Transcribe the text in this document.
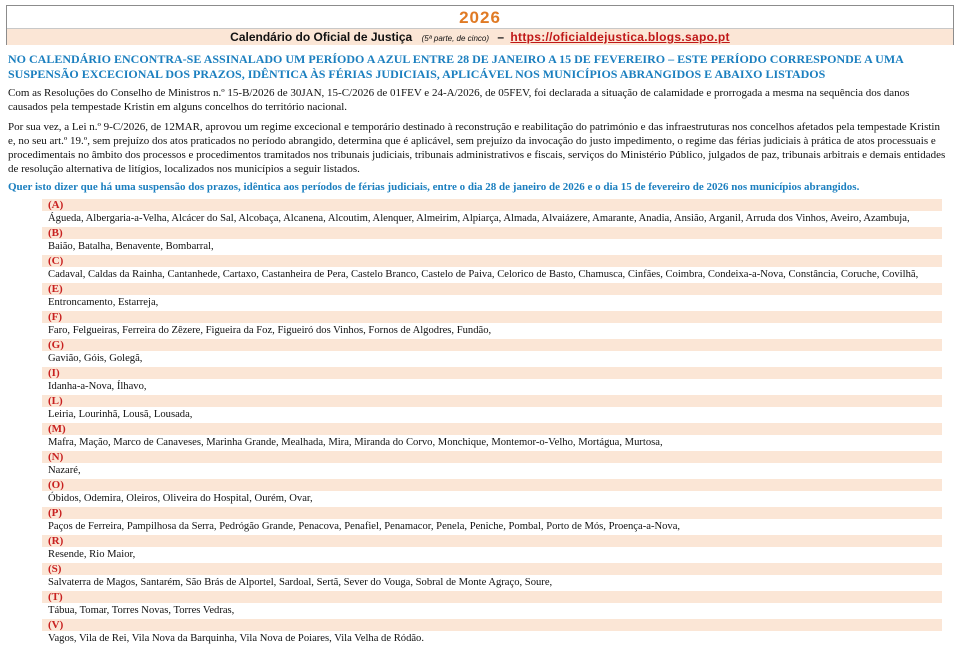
2026
Calendário do Oficial de Justiça (5ª parte, de cinco) – https://oficialdejustica.blogs.sapo.pt
NO CALENDÁRIO ENCONTRA-SE ASSINALADO UM PERÍODO A AZUL ENTRE 28 DE JANEIRO A 15 DE FEVEREIRO – ESTE PERÍODO CORRESPONDE A UMA SUSPENSÃO EXCECIONAL DOS PRAZOS, IDÊNTICA ÀS FÉRIAS JUDICIAIS, APLICÁVEL NOS MUNICÍPIOS ABRANGIDOS E ABAIXO LISTADOS
Com as Resoluções do Conselho de Ministros n.º 15-B/2026 de 30JAN, 15-C/2026 de 01FEV e 24-A/2026, de 05FEV, foi declarada a situação de calamidade e prorrogada a mesma na sequência dos danos causados pela tempestade Kristin em alguns concelhos do território nacional.
Por sua vez, a Lei n.º 9-C/2026, de 12MAR, aprovou um regime excecional e temporário destinado à reconstrução e reabilitação do património e das infraestruturas nos concelhos afetados pela tempestade Kristin e, no seu art.º 19.º, sem prejuízo dos atos praticados no período abrangido, determina que é aplicável, sem prejuízo da invocação do justo impedimento, o regime das férias judiciais à prática de atos processuais e procedimentais no âmbito dos processos e procedimentos tramitados nos tribunais judiciais, tribunais administrativos e fiscais, serviços do Ministério Público, julgados de paz, tribunais arbitrais e demais entidades de resolução alternativa de litígios, localizados nos municípios a seguir listados.
Quer isto dizer que há uma suspensão dos prazos, idêntica aos períodos de férias judiciais, entre o dia 28 de janeiro de 2026 e o dia 15 de fevereiro de 2026 nos municípios abrangidos.
(A)
Águeda, Albergaria-a-Velha, Alcácer do Sal, Alcobaça, Alcanena, Alcoutim, Alenquer, Almeirim, Alpiarça, Almada, Alvaiázere, Amarante, Anadia, Ansião, Arganil, Arruda dos Vinhos, Aveiro, Azambuja,
(B)
Baião, Batalha, Benavente, Bombarral,
(C)
Cadaval, Caldas da Rainha, Cantanhede, Cartaxo, Castanheira de Pera, Castelo Branco, Castelo de Paiva, Celorico de Basto, Chamusca, Cinfães, Coimbra, Condeixa-a-Nova, Constância, Coruche, Covilhã,
(E)
Entroncamento, Estarreja,
(F)
Faro, Felgueiras, Ferreira do Zêzere, Figueira da Foz, Figueiró dos Vinhos, Fornos de Algodres, Fundão,
(G)
Gavião, Góis, Golegã,
(I)
Idanha-a-Nova, Ílhavo,
(L)
Leiria, Lourinhã, Lousã, Lousada,
(M)
Mafra, Mação, Marco de Canaveses, Marinha Grande, Mealhada, Mira, Miranda do Corvo, Monchique, Montemor-o-Velho, Mortágua, Murtosa,
(N)
Nazaré,
(O)
Óbidos, Odemira, Oleiros, Oliveira do Hospital, Ourém, Ovar,
(P)
Paços de Ferreira, Pampilhosa da Serra, Pedrógão Grande, Penacova, Penafiel, Penamacor, Penela, Peniche, Pombal, Porto de Mós, Proença-a-Nova,
(R)
Resende, Rio Maior,
(S)
Salvaterra de Magos, Santarém, São Brás de Alportel, Sardoal, Sertã, Sever do Vouga, Sobral de Monte Agraço, Soure,
(T)
Tábua, Tomar, Torres Novas, Torres Vedras,
(V)
Vagos, Vila de Rei, Vila Nova da Barquinha, Vila Nova de Poiares, Vila Velha de Ródão.
